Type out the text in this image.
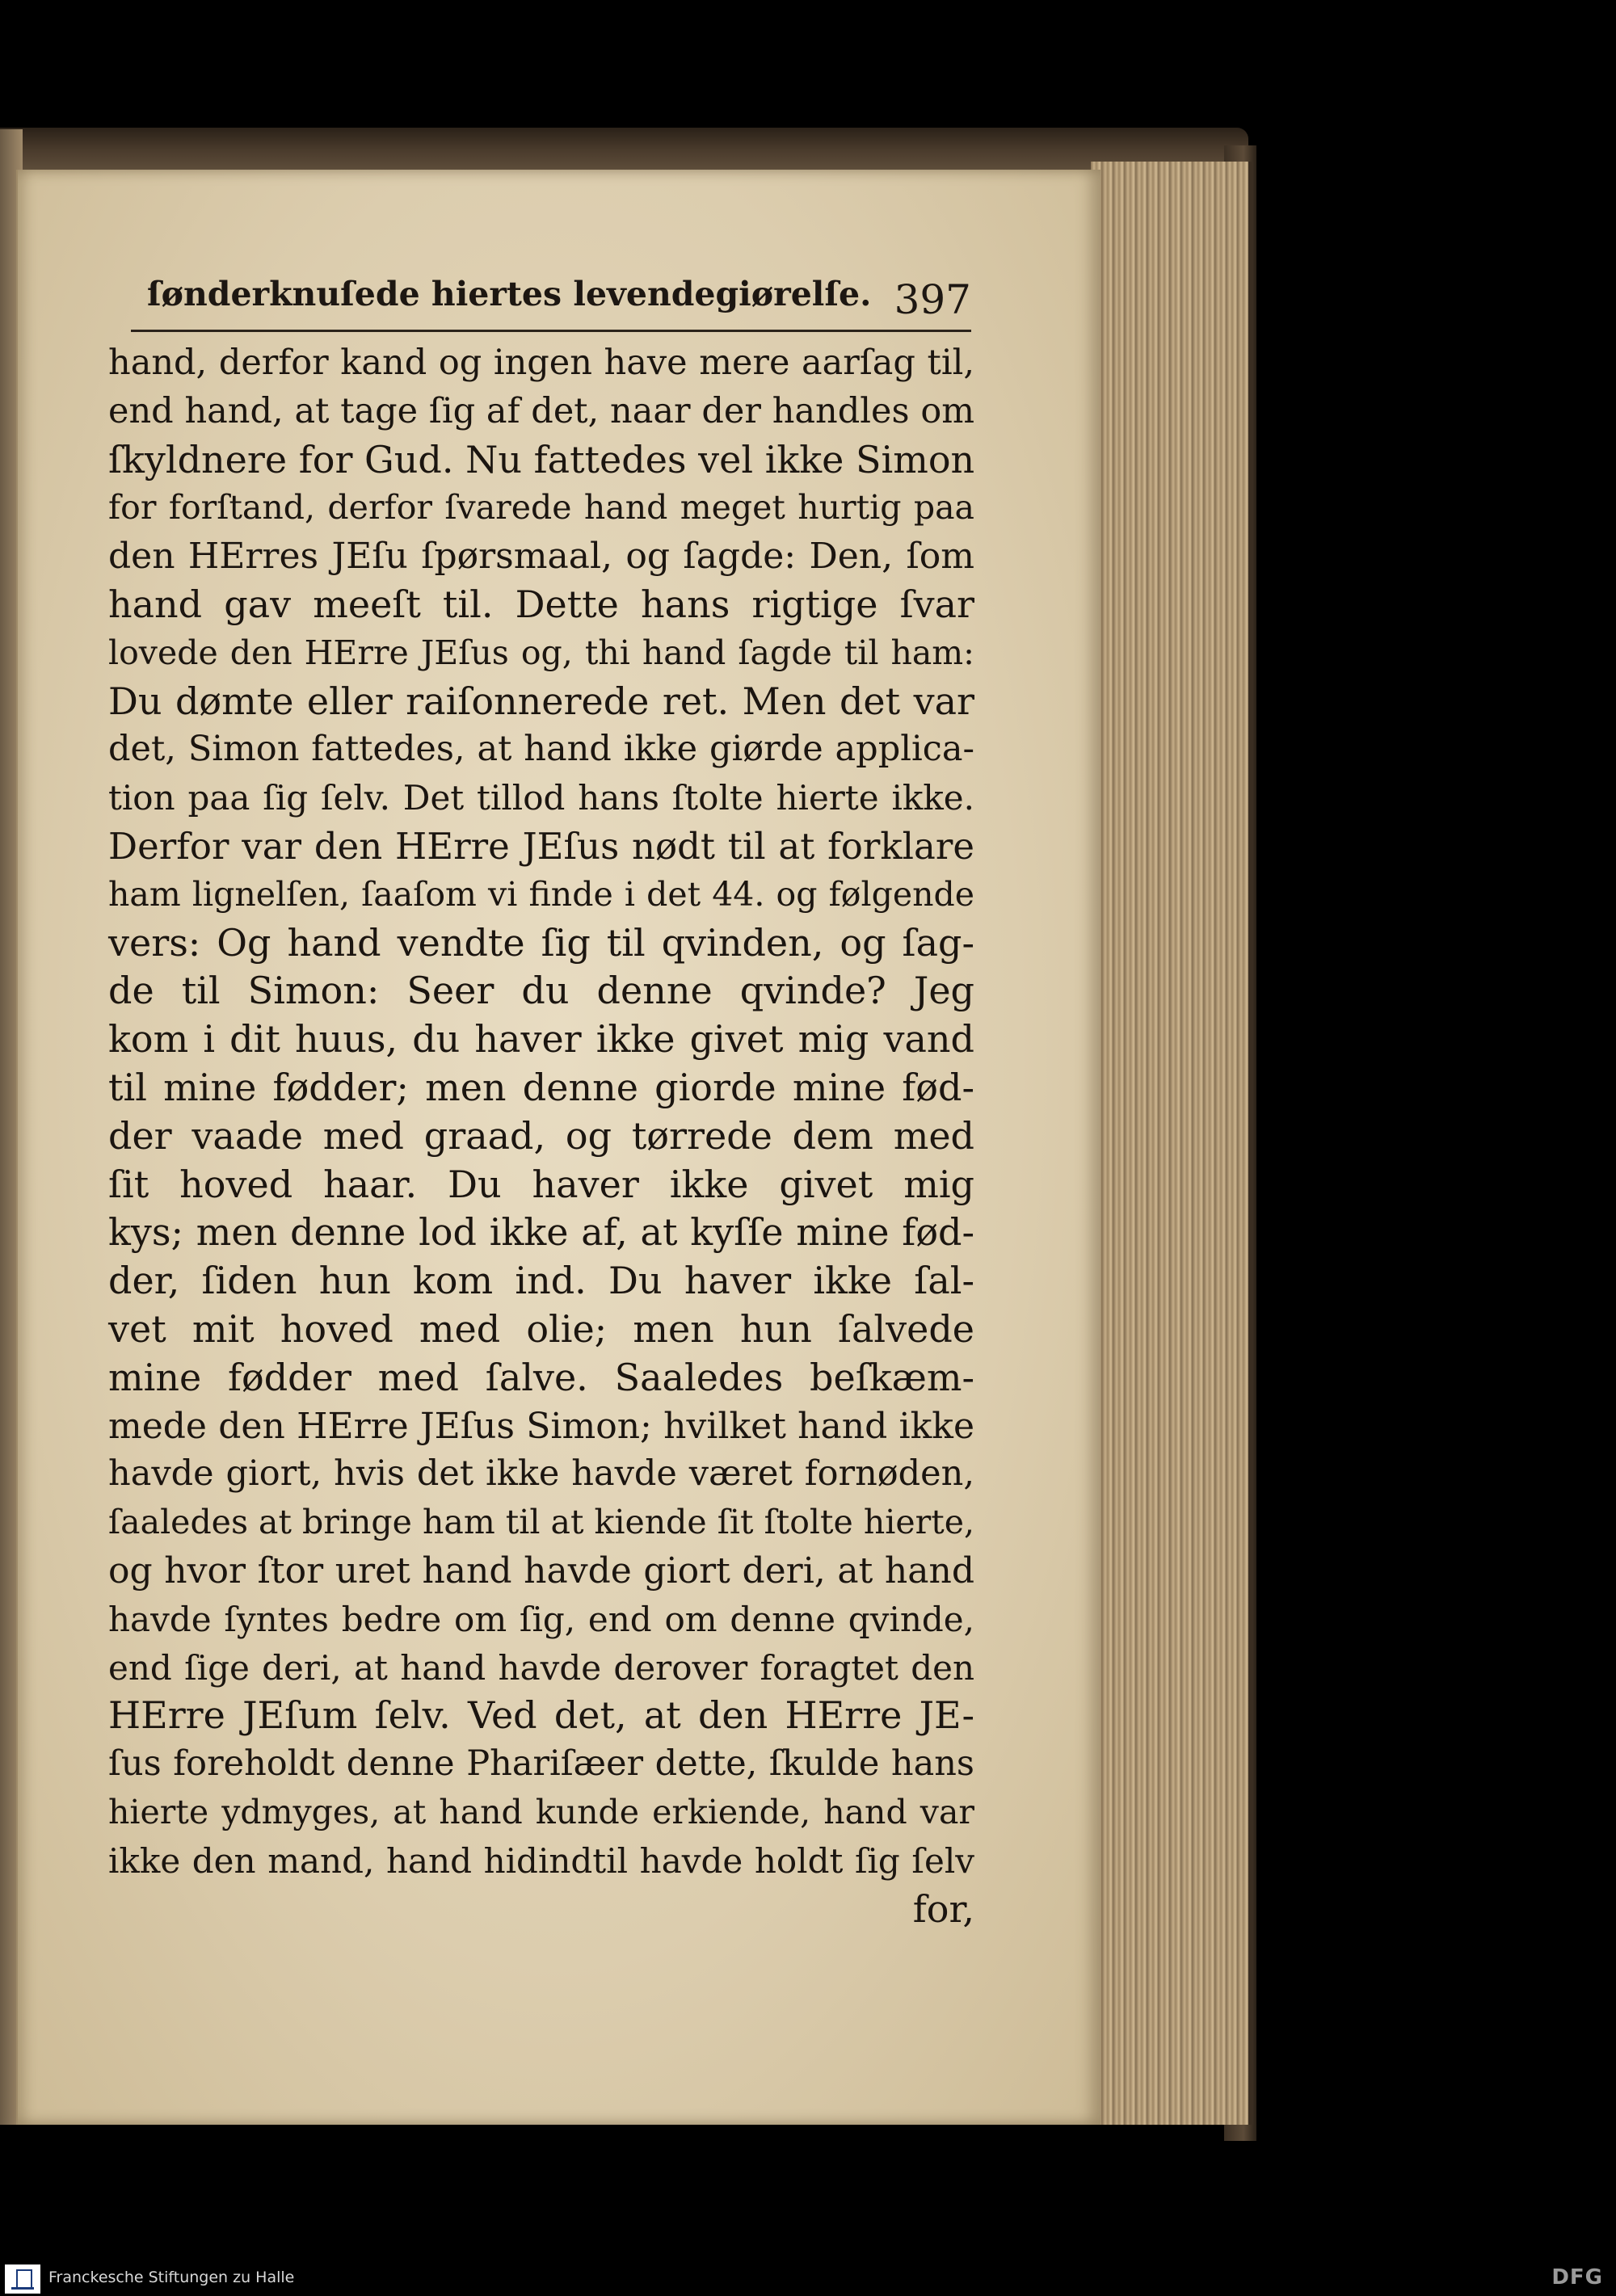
ſønderknuſede hiertes levendegiørelſe. 397
hand, derfor kand og ingen have mere aarſag til,
end hand, at tage ſig af det, naar der handles om
ſkyldnere for Gud. Nu fattedes vel ikke Simon
for forſtand, derfor ſvarede hand meget hurtig paa
den HErres JEſu ſpørsmaal, og ſagde: Den, ſom
hand gav meeſt til. Dette hans rigtige ſvar
lovede den HErre JEſus og, thi hand ſagde til ham:
Du dømte eller raiſonnerede ret. Men det var
det, Simon fattedes, at hand ikke giørde applica-
tion paa ſig ſelv. Det tillod hans ſtolte hierte ikke.
Derfor var den HErre JEſus nødt til at forklare
ham lignelſen, ſaaſom vi finde i det 44. og følgende
vers: Og hand vendte ſig til qvinden, og ſag-
de til Simon: Seer du denne qvinde? Jeg
kom i dit huus, du haver ikke givet mig vand
til mine fødder; men denne giorde mine fød-
der vaade med graad, og tørrede dem med
ſit hoved haar. Du haver ikke givet mig
kys; men denne lod ikke af, at kyſſe mine fød-
der, ſiden hun kom ind. Du haver ikke ſal-
vet mit hoved med olie; men hun ſalvede
mine fødder med ſalve. Saaledes beſkæm-
mede den HErre JEſus Simon; hvilket hand ikke
havde giort, hvis det ikke havde været fornøden,
ſaaledes at bringe ham til at kiende ſit ſtolte hierte,
og hvor ſtor uret hand havde giort deri, at hand
havde ſyntes bedre om ſig, end om denne qvinde,
end ſige deri, at hand havde derover foragtet den
HErre JEſum ſelv. Ved det, at den HErre JE-
ſus foreholdt denne Phariſæer dette, ſkulde hans
hierte ydmyges, at hand kunde erkiende, hand var
ikke den mand, hand hidindtil havde holdt ſig ſelv
for,
Franckesche Stiftungen zu Halle	DFG
